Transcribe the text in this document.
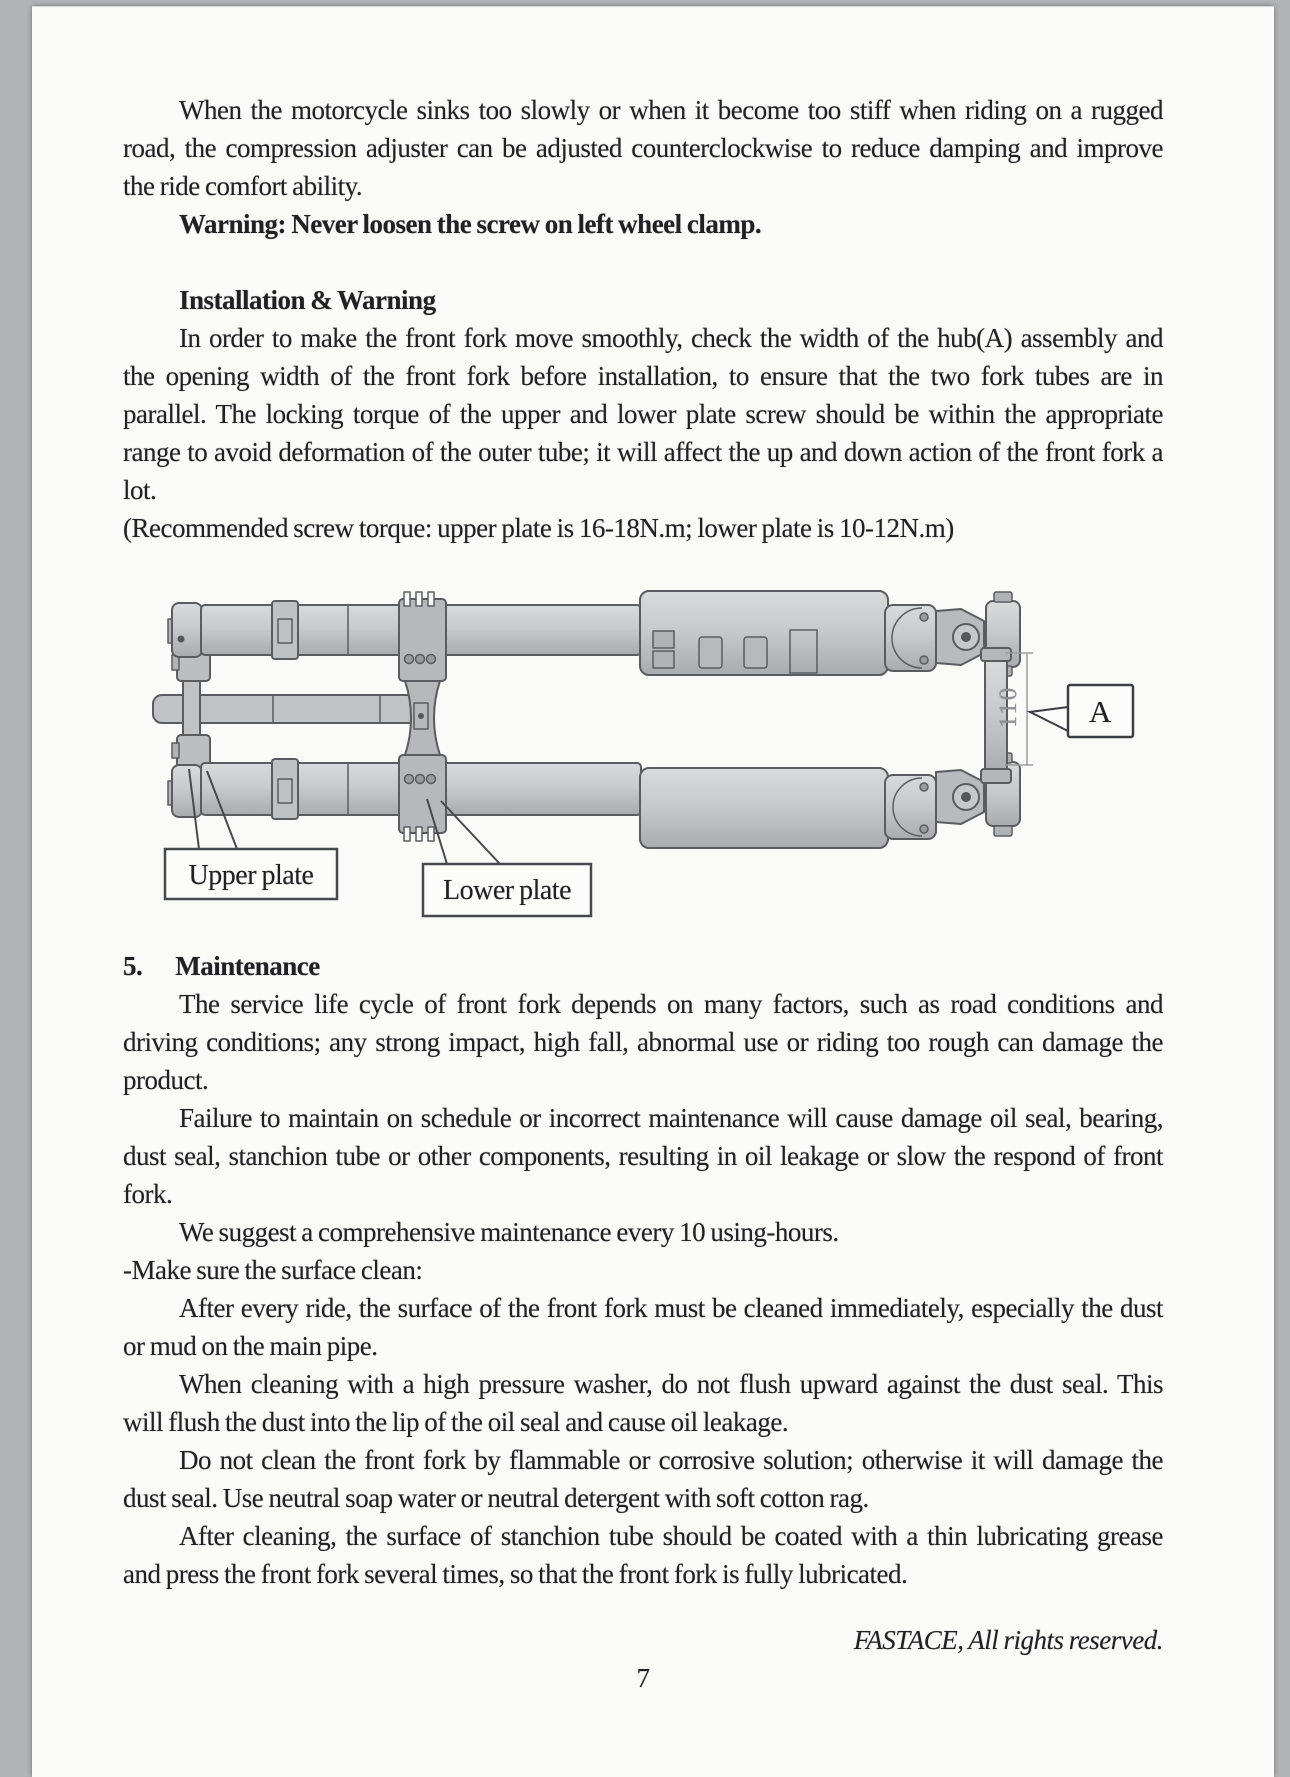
When the motorcycle sinks too slowly or when it become too stiff when riding on a rugged
road, the compression adjuster can be adjusted counterclockwise to reduce damping and improve
the ride comfort ability.
Warning: Never loosen the screw on left wheel clamp.
Installation & Warning
In order to make the front fork move smoothly, check the width of the hub(A) assembly and
the opening width of the front fork before installation, to ensure that the two fork tubes are in
parallel. The locking torque of the upper and lower plate screw should be within the appropriate
range to avoid deformation of the outer tube; it will affect the up and down action of the front fork a
lot.
(Recommended screw torque: upper plate is 16-18N.m; lower plate is 10-12N.m)
110 A
Upper plate	Lower plate
5. Maintenance
The service life cycle of front fork depends on many factors, such as road conditions and
driving conditions; any strong impact, high fall, abnormal use or riding too rough can damage the
product.
Failure to maintain on schedule or incorrect maintenance will cause damage oil seal, bearing,
dust seal, stanchion tube or other components, resulting in oil leakage or slow the respond of front
fork.
We suggest a comprehensive maintenance every 10 using-hours.
-Make sure the surface clean:
After every ride, the surface of the front fork must be cleaned immediately, especially the dust
or mud on the main pipe.
When cleaning with a high pressure washer, do not flush upward against the dust seal. This
will flush the dust into the lip of the oil seal and cause oil leakage.
Do not clean the front fork by flammable or corrosive solution; otherwise it will damage the
dust seal. Use neutral soap water or neutral detergent with soft cotton rag.
After cleaning, the surface of stanchion tube should be coated with a thin lubricating grease
and press the front fork several times, so that the front fork is fully lubricated.
FASTACE, All rights reserved.
7
